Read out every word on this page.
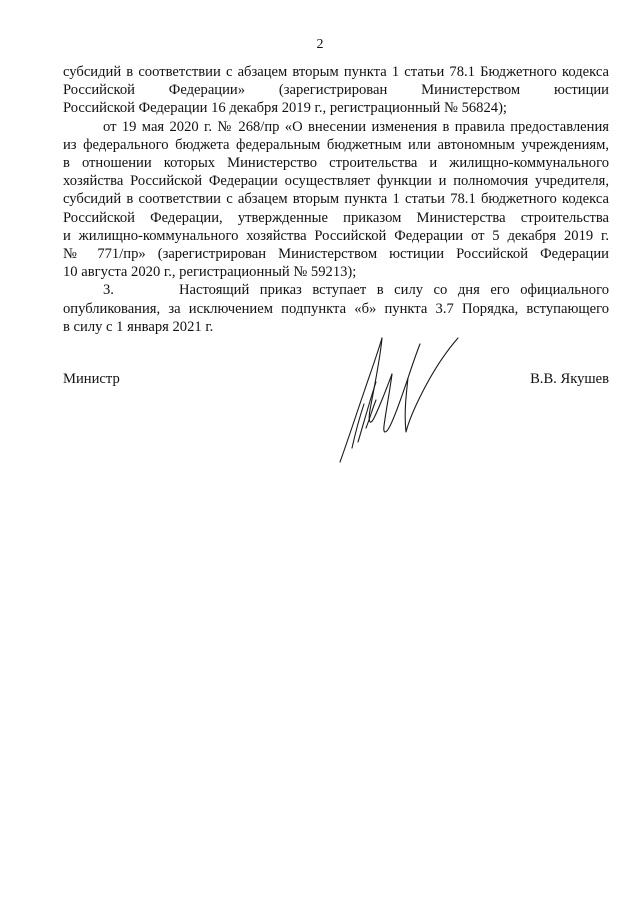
2
субсидий в соответствии с абзацем вторым пункта 1 статьи 78.1 Бюджетного кодекса
Российской Федерации» (зарегистрирован Министерством юстиции
Российской Федерации 16 декабря 2019 г., регистрационный № 56824);
от 19 мая 2020 г. № 268/пр «О внесении изменения в правила предоставления
из федерального бюджета федеральным бюджетным или автономным учреждениям,
в отношении которых Министерство строительства и жилищно-коммунального
хозяйства Российской Федерации осуществляет функции и полномочия учредителя,
субсидий в соответствии с абзацем вторым пункта 1 статьи 78.1 бюджетного кодекса
Российской Федерации, утвержденные приказом Министерства строительства
и жилищно-коммунального хозяйства Российской Федерации от 5 декабря 2019 г.
№ 771/пр» (зарегистрирован Министерством юстиции Российской Федерации
10 августа 2020 г., регистрационный № 59213);
3.	Настоящий приказ вступает в силу со дня его официального
опубликования, за исключением подпункта «б» пункта 3.7 Порядка, вступающего
в силу с 1 января 2021 г.
Министр	В.В. Якушев
